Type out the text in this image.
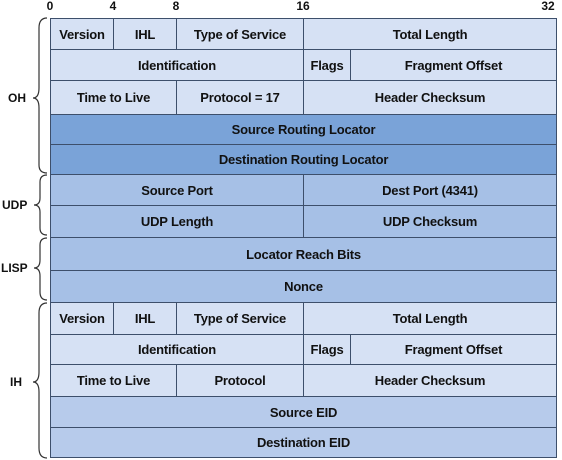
0	4	8	16	32
OH
UDP
LISP
IH
Version	IHL	Type of Service	Total Length
Identification	Flags	Fragment Offset
Time to Live	Protocol = 17	Header Checksum
Source Routing Locator
Destination Routing Locator
Source Port	Dest Port (4341)
UDP Length	UDP Checksum
Locator Reach Bits
Nonce
Version	IHL	Type of Service	Total Length
Identification	Flags	Fragment Offset
Time to Live	Protocol	Header Checksum
Source EID
Destination EID
